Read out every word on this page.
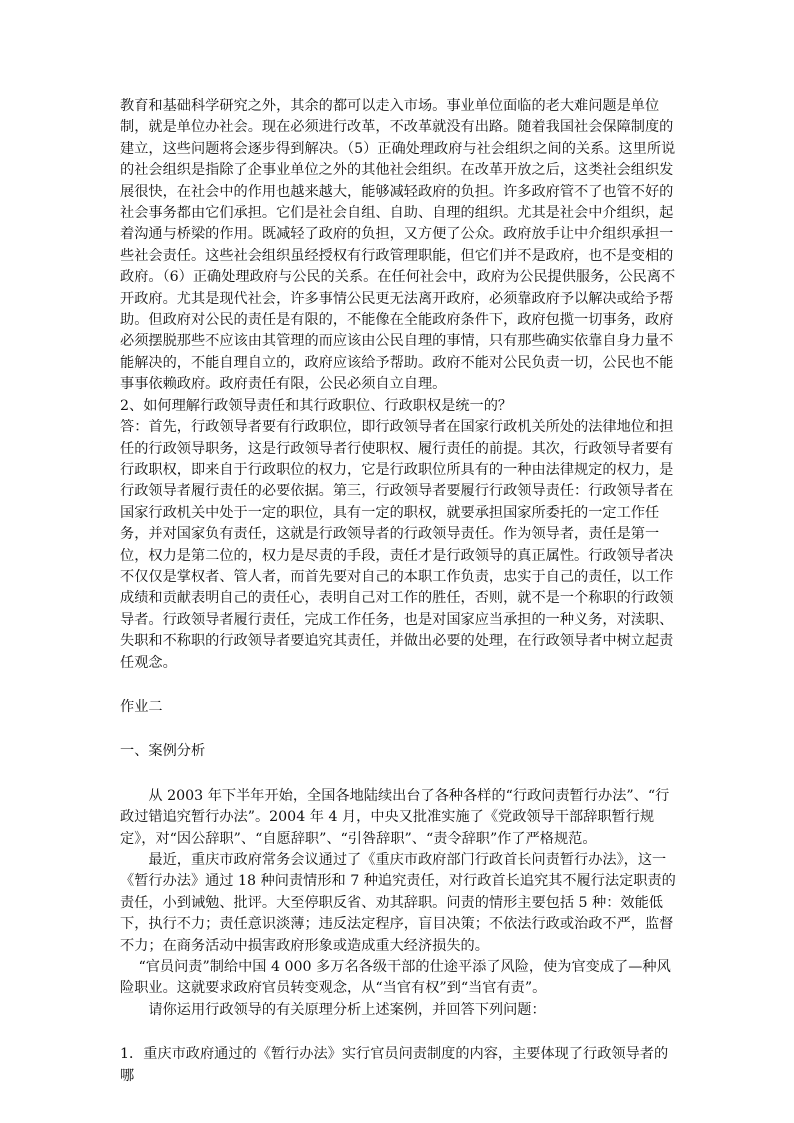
教育和基础科学研究之外，其余的都可以走入市场。事业单位面临的老大难问题是单位制，就是单位办社会。现在必须进行改革，不改革就没有出路。随着我国社会保障制度的建立，这些问题将会逐步得到解决。（5）正确处理政府与社会组织之间的关系。这里所说的社会组织是指除了企事业单位之外的其他社会组织。在改革开放之后，这类社会组织发展很快，在社会中的作用也越来越大，能够减轻政府的负担。许多政府管不了也管不好的社会事务都由它们承担。它们是社会自组、自助、自理的组织。尤其是社会中介组织，起着沟通与桥梁的作用。既减轻了政府的负担，又方便了公众。政府放手让中介组织承担一些社会责任。这些社会组织虽经授权有行政管理职能，但它们并不是政府，也不是变相的政府。（6）正确处理政府与公民的关系。在任何社会中，政府为公民提供服务，公民离不开政府。尤其是现代社会，许多事情公民更无法离开政府，必须靠政府予以解决或给予帮助。但政府对公民的责任是有限的，不能像在全能政府条件下，政府包揽一切事务，政府必须摆脱那些不应该由其管理的而应该由公民自理的事情，只有那些确实依靠自身力量不能解决的，不能自理自立的，政府应该给予帮助。政府不能对公民负责一切，公民也不能事事依赖政府。政府责任有限，公民必须自立自理。

2、如何理解行政领导责任和其行政职位、行政职权是统一的？

答：首先，行政领导者要有行政职位，即行政领导者在国家行政机关所处的法律地位和担任的行政领导职务，这是行政领导者行使职权、履行责任的前提。其次，行政领导者要有行政职权，即来自于行政职位的权力，它是行政职位所具有的一种由法律规定的权力，是行政领导者履行责任的必要依据。第三，行政领导者要履行行政领导责任：行政领导者在国家行政机关中处于一定的职位，具有一定的职权，就要承担国家所委托的一定工作任务，并对国家负有责任，这就是行政领导者的行政领导责任。作为领导者，责任是第一位，权力是第二位的，权力是尽责的手段，责任才是行政领导的真正属性。行政领导者决不仅仅是掌权者、管人者，而首先要对自己的本职工作负责，忠实于自己的责任，以工作成绩和贡献表明自己的责任心，表明自己对工作的胜任，否则，就不是一个称职的行政领导者。行政领导者履行责任，完成工作任务，也是对国家应当承担的一种义务，对渎职、失职和不称职的行政领导者要追究其责任，并做出必要的处理，在行政领导者中树立起责任观念。

作业二

一、案例分析

从 2003 年下半年开始，全国各地陆续出台了各种各样的“行政问责暂行办法”、“行政过错追究暂行办法”。2004 年 4 月，中央又批准实施了《党政领导干部辞职暂行规定》，对“因公辞职”、“自愿辞职”、“引咎辞职”、“责令辞职”作了严格规范。

最近，重庆市政府常务会议通过了《重庆市政府部门行政首长问责暂行办法》，这一《暂行办法》通过 18 种问责情形和 7 种追究责任，对行政首长追究其不履行法定职责的责任，小到诫勉、批评。大至停职反省、劝其辞职。问责的情形主要包括 5 种：效能低下，执行不力；责任意识淡薄；违反法定程序，盲目决策；不依法行政或治政不严，监督不力；在商务活动中损害政府形象或造成重大经济损失的。

“官员问责”制给中国 4 000 多万名各级干部的仕途平添了风险，使为官变成了—种风险职业。这就要求政府官员转变观念，从“当官有权”到“当官有责”。

请你运用行政领导的有关原理分析上述案例，并回答下列问题：

1．重庆市政府通过的《暂行办法》实行官员问责制度的内容，主要体现了行政领导者的哪
